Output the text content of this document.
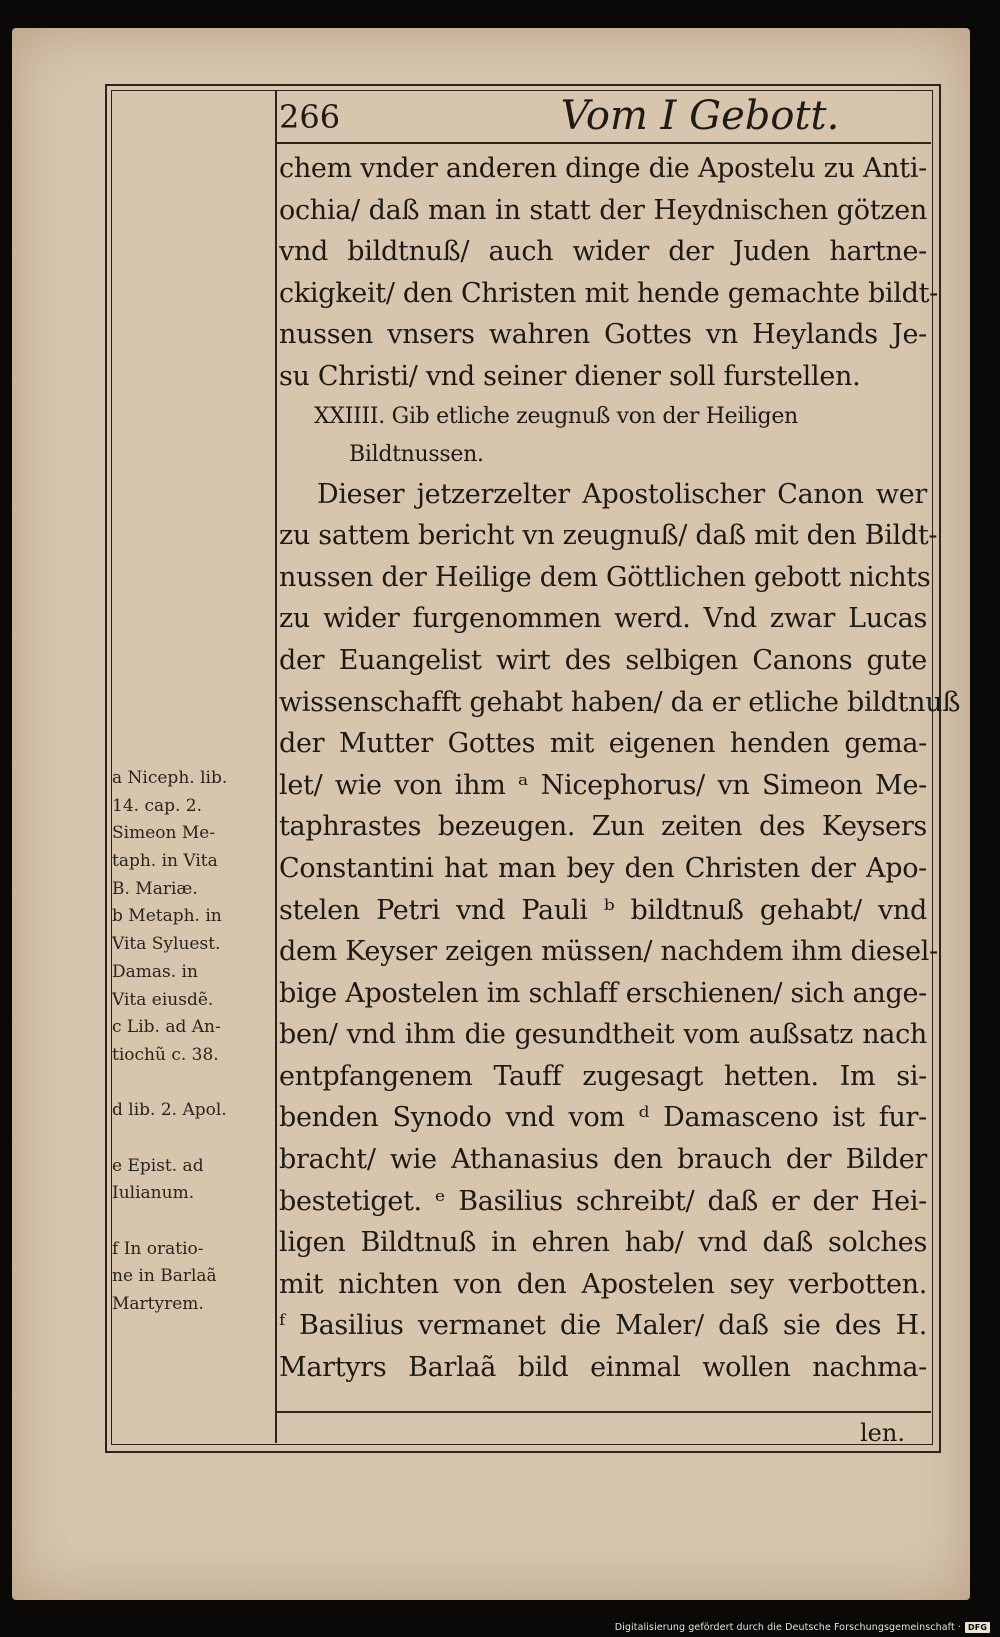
266	Vom I Gebott.
chem vnder anderen dinge die Apostelu zu Anti-
ochia/ daß man in statt der Heydnischen götzen
vnd bildtnuß/ auch wider der Juden hartne-
ckigkeit/ den Christen mit hende gemachte bildt-
nussen vnsers wahren Gottes vn Heylands Je-
su Christi/ vnd seiner diener soll furstellen.
XXIIII. Gib etliche zeugnuß von der Heiligen
Bildtnussen.
Dieser jetzerzelter Apostolischer Canon wer
zu sattem bericht vn zeugnuß/ daß mit den Bildt-
nussen der Heilige dem Göttlichen gebott nichts
zu wider furgenommen werd. Vnd zwar Lucas
der Euangelist wirt des selbigen Canons gute
wissenschafft gehabt haben/ da er etliche bildtnuß
der Mutter Gottes mit eigenen henden gema-
let/ wie von ihm ᵃ Nicephorus/ vn Simeon Me-
taphrastes bezeugen. Zun zeiten des Keysers
Constantini hat man bey den Christen der Apo-
stelen Petri vnd Pauli ᵇ bildtnuß gehabt/ vnd
dem Keyser zeigen müssen/ nachdem ihm diesel-
bige Apostelen im schlaff erschienen/ sich ange-
ben/ vnd ihm die gesundtheit vom außsatz nach
entpfangenem Tauff zugesagt hetten. Im si-
benden Synodo vnd vom ᵈ Damasceno ist fur-
bracht/ wie Athanasius den brauch der Bilder
bestetiget. ᵉ Basilius schreibt/ daß er der Hei-
ligen Bildtnuß in ehren hab/ vnd daß solches
mit nichten von den Apostelen sey verbotten.
ᶠ Basilius vermanet die Maler/ daß sie des H.
Martyrs Barlaã bild einmal wollen nachma-
len.
a Niceph. lib.
14. cap. 2.
Simeon Me-
taph. in Vita
B. Mariæ.
b Metaph. in
Vita Syluest.
Damas. in
Vita eiusdẽ.
c Lib. ad An-
tiochũ c. 38.
d lib. 2. Apol.
e Epist. ad
Iulianum.
f In oratio-
ne in Barlaã
Martyrem.
Digitalisierung gefördert durch die Deutsche Forschungsgemeinschaft · DFG
